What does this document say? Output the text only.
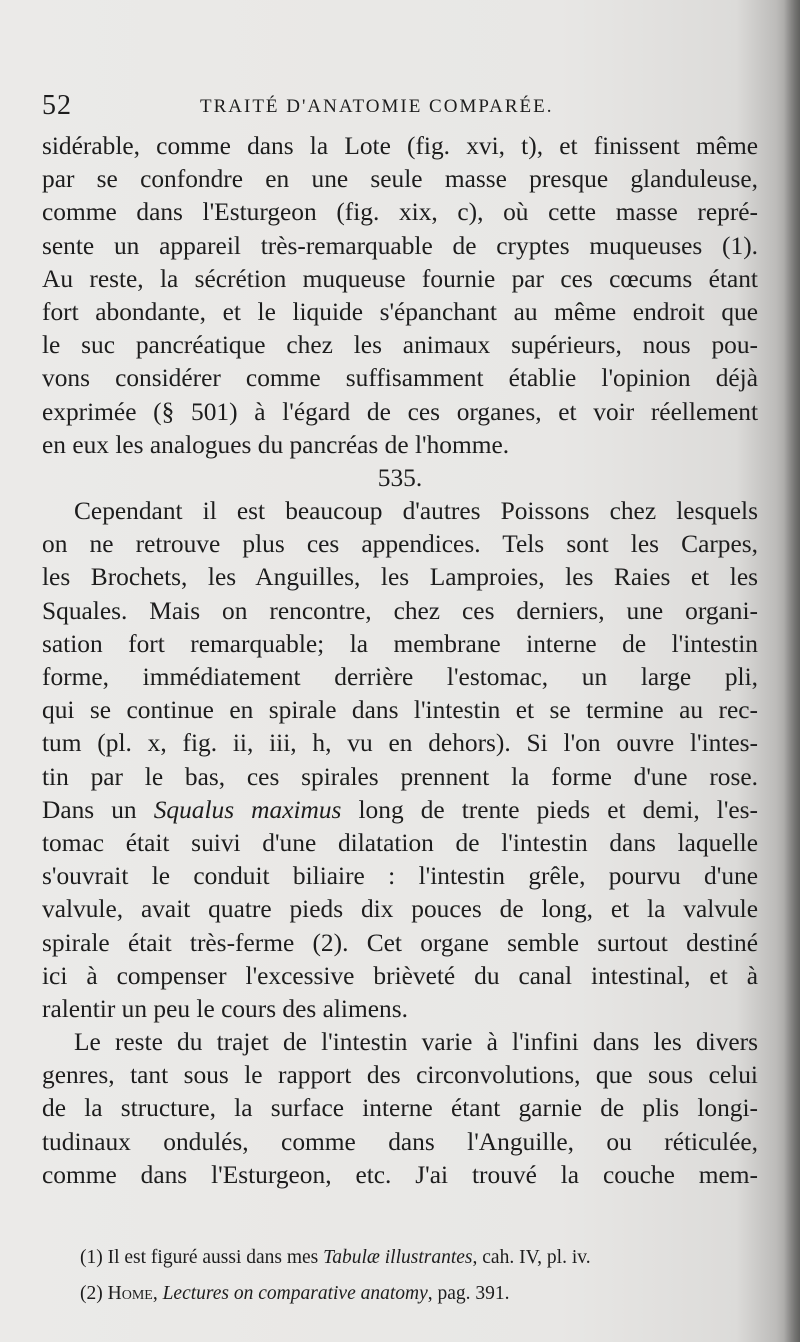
52	TRAITÉ D'ANATOMIE COMPARÉE.
sidérable, comme dans la Lote (fig. xvi, t), et finissent même
par se confondre en une seule masse presque glanduleuse,
comme dans l'Esturgeon (fig. xix, c), où cette masse repré-
sente un appareil très-remarquable de cryptes muqueuses (1).
Au reste, la sécrétion muqueuse fournie par ces cœcums étant
fort abondante, et le liquide s'épanchant au même endroit que
le suc pancréatique chez les animaux supérieurs, nous pou-
vons considérer comme suffisamment établie l'opinion déjà
exprimée (§ 501) à l'égard de ces organes, et voir réellement
en eux les analogues du pancréas de l'homme.
535.
Cependant il est beaucoup d'autres Poissons chez lesquels
on ne retrouve plus ces appendices. Tels sont les Carpes,
les Brochets, les Anguilles, les Lamproies, les Raies et les
Squales. Mais on rencontre, chez ces derniers, une organi-
sation fort remarquable; la membrane interne de l'intestin
forme, immédiatement derrière l'estomac, un large pli,
qui se continue en spirale dans l'intestin et se termine au rec-
tum (pl. x, fig. ii, iii, h, vu en dehors). Si l'on ouvre l'intes-
tin par le bas, ces spirales prennent la forme d'une rose.
Dans un Squalus maximus long de trente pieds et demi, l'es-
tomac était suivi d'une dilatation de l'intestin dans laquelle
s'ouvrait le conduit biliaire : l'intestin grêle, pourvu d'une
valvule, avait quatre pieds dix pouces de long, et la valvule
spirale était très-ferme (2). Cet organe semble surtout destiné
ici à compenser l'excessive brièveté du canal intestinal, et à
ralentir un peu le cours des alimens.
Le reste du trajet de l'intestin varie à l'infini dans les divers
genres, tant sous le rapport des circonvolutions, que sous celui
de la structure, la surface interne étant garnie de plis longi-
tudinaux ondulés, comme dans l'Anguille, ou réticulée,
comme dans l'Esturgeon, etc. J'ai trouvé la couche mem-
(1) Il est figuré aussi dans mes Tabulæ illustrantes, cah. IV, pl. iv.
(2) Home, Lectures on comparative anatomy, pag. 391.
